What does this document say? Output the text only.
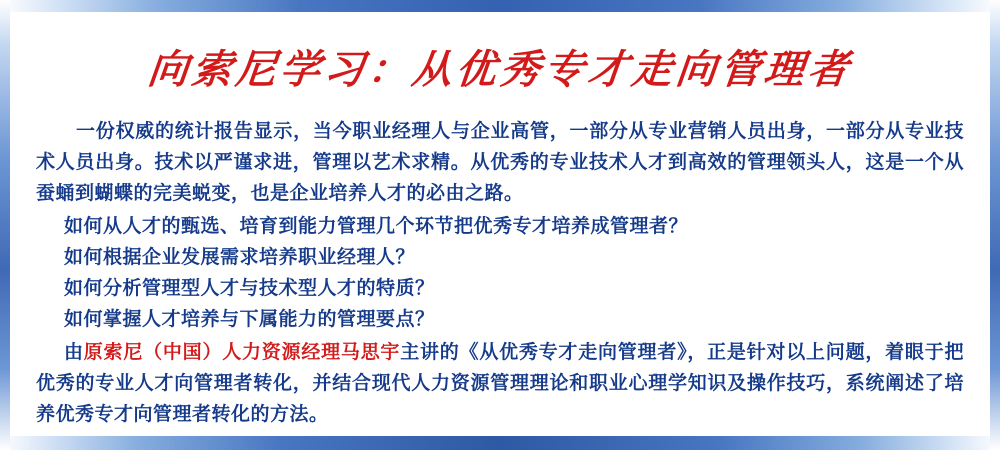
向索尼学习：从优秀专才走向管理者

一份权威的统计报告显示，当今职业经理人与企业高管，一部分从专业营销人员出身，一部分从专业技术人员出身。技术以严谨求进，管理以艺术求精。从优秀的专业技术人才到高效的管理领头人，这是一个从蚕蛹到蝴蝶的完美蜕变，也是企业培养人才的必由之路。

如何从人才的甄选、培育到能力管理几个环节把优秀专才培养成管理者？

如何根据企业发展需求培养职业经理人？

如何分析管理型人才与技术型人才的特质？

如何掌握人才培养与下属能力的管理要点？

由原索尼（中国）人力资源经理马思宇主讲的《从优秀专才走向管理者》，正是针对以上问题，着眼于把优秀的专业人才向管理者转化，并结合现代人力资源管理理论和职业心理学知识及操作技巧，系统阐述了培养优秀专才向管理者转化的方法。
